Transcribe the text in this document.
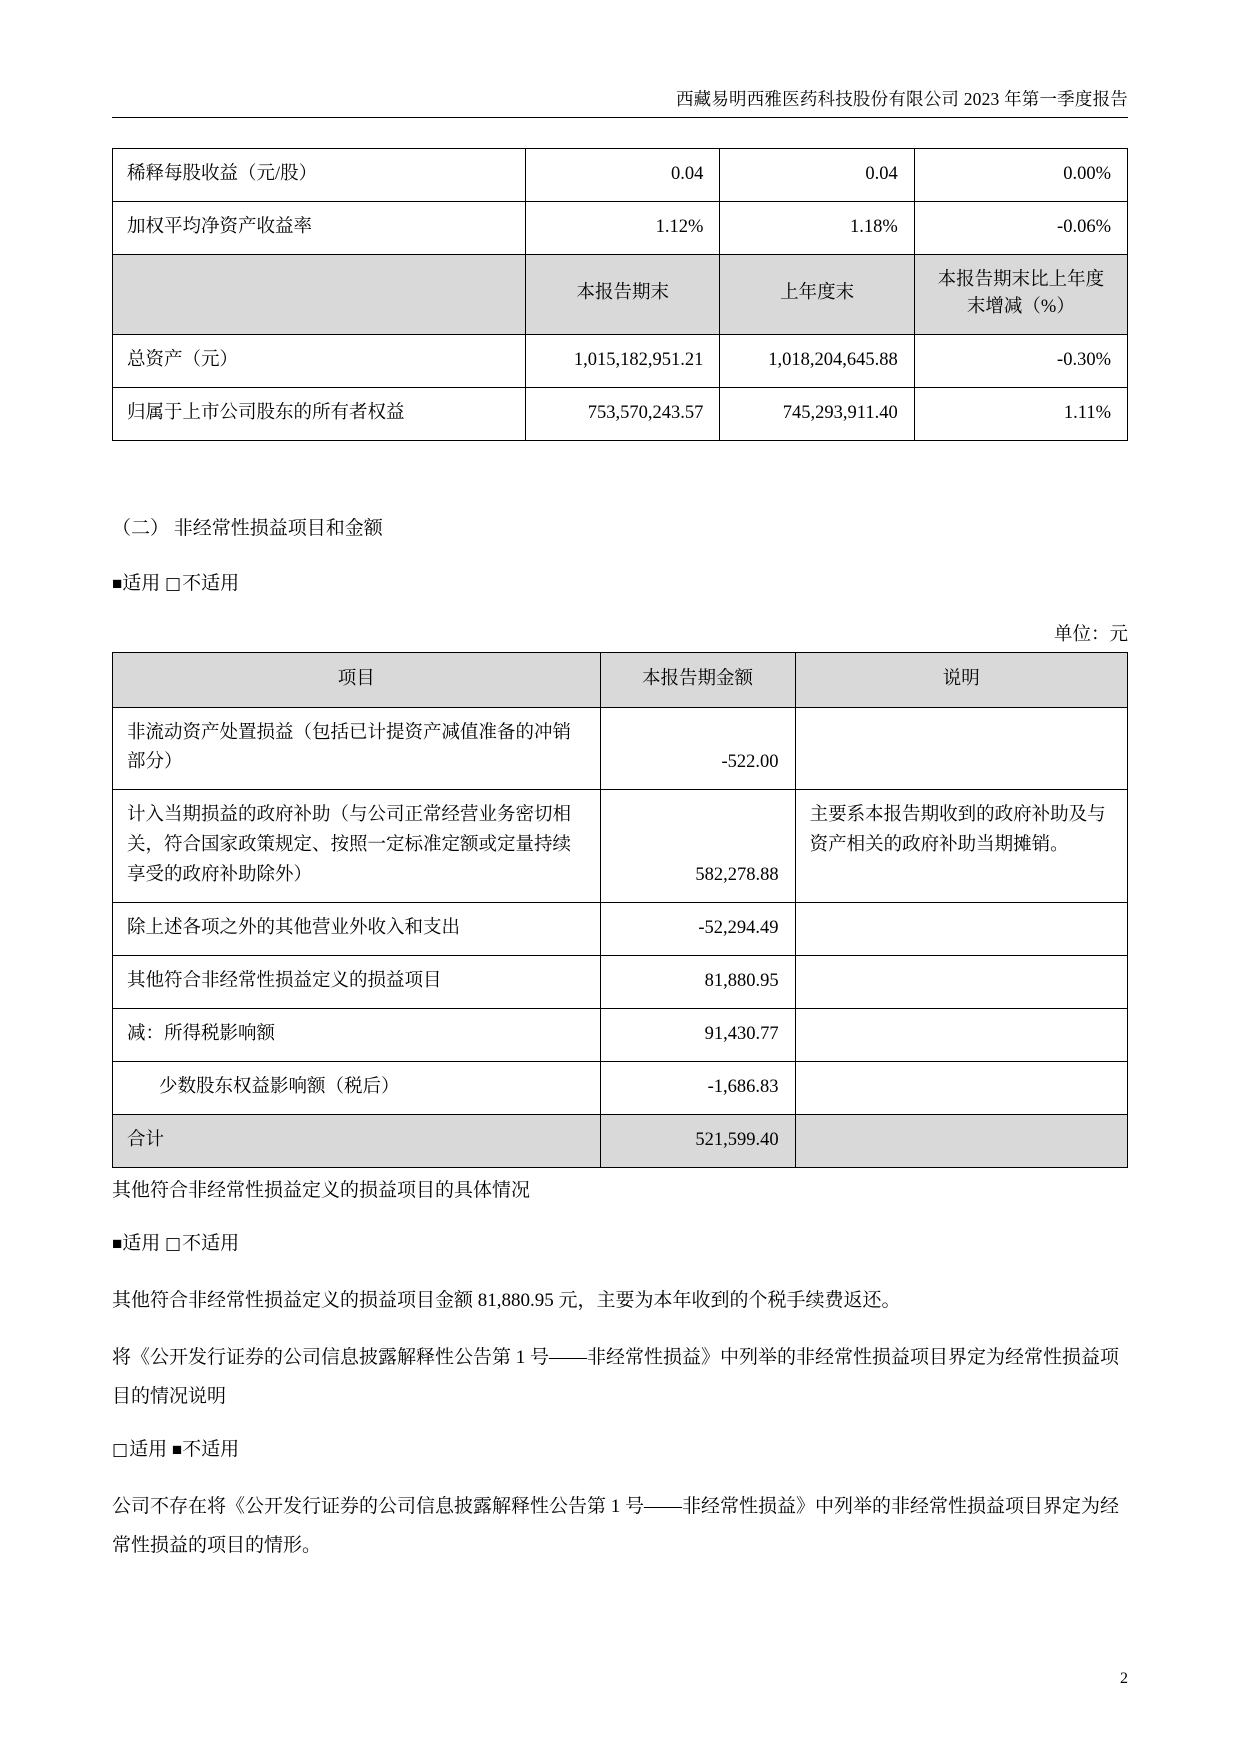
西藏易明西雅医药科技股份有限公司 2023 年第一季度报告
稀释每股收益（元/股）	0.04	0.04	0.00%
加权平均净资产收益率	1.12%	1.18%	-0.06%
	本报告期末	上年度末	本报告期末比上年度末增减（%）
总资产（元）	1,015,182,951.21	1,018,204,645.88	-0.30%
归属于上市公司股东的所有者权益	753,570,243.57	745,293,911.40	1.11%
（二） 非经常性损益项目和金额
■适用 □不适用
单位：元
项目	本报告期金额	说明
非流动资产处置损益（包括已计提资产减值准备的冲销部分）	-522.00	
计入当期损益的政府补助（与公司正常经营业务密切相关，符合国家政策规定、按照一定标准定额或定量持续享受的政府补助除外）	582,278.88	主要系本报告期收到的政府补助及与资产相关的政府补助当期摊销。
除上述各项之外的其他营业外收入和支出	-52,294.49	
其他符合非经常性损益定义的损益项目	81,880.95	
减：所得税影响额	91,430.77	
少数股东权益影响额（税后）	-1,686.83	
合计	521,599.40	
其他符合非经常性损益定义的损益项目的具体情况
■适用 □不适用
其他符合非经常性损益定义的损益项目金额 81,880.95 元，主要为本年收到的个税手续费返还。
将《公开发行证券的公司信息披露解释性公告第 1 号——非经常性损益》中列举的非经常性损益项目界定为经常性损益项目的情况说明
□适用 ■不适用
公司不存在将《公开发行证券的公司信息披露解释性公告第 1 号——非经常性损益》中列举的非经常性损益项目界定为经常性损益的项目的情形。
2
